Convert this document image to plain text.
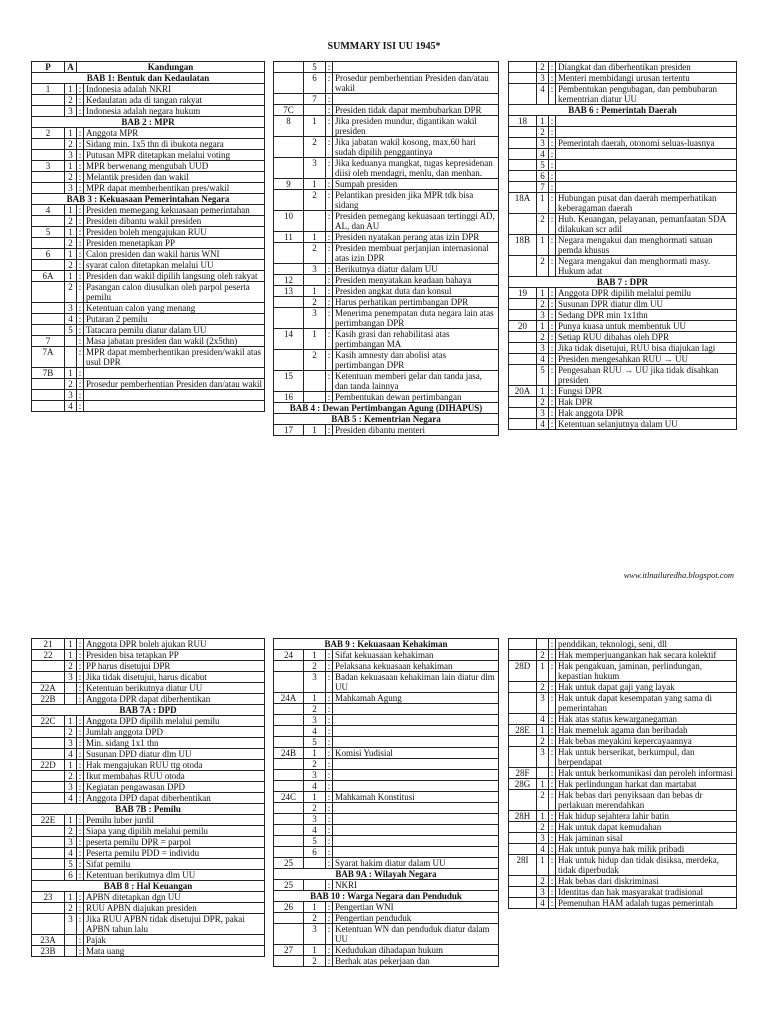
SUMMARY ISI UU 1945*
P	A	Kandungan	
BAB 1: Bentuk dan Kedaulatan			
1	1	:	Indonesia adalah NKRI
	2	:	Kedaulatan ada di tangan rakyat
	3	:	Indonesia adalah negara hukum
BAB 2 : MPR			
2	1	:	Anggota MPR
	2	:	Sidang min. 1x5 thn di ibukota negara
	3	:	Putusan MPR ditetapkan melalui voting
3	1	:	MPR berwenang mengubah UUD
	2	:	Melantik presiden dan wakil
	3	:	MPR dapat memberhentikan pres/wakil
BAB 3 : Kekuasaan Pemerintahan Negara			
4	1	:	Presiden memegang kekuasaan pemerintahan
	2	:	Presiden dibantu wakil presiden
5	1	:	Presiden boleh mengajukan RUU
	2	:	Presiden menetapkan PP
6	1	:	Calon presiden dan wakil harus WNI
	2	:	syarat calon ditetapkan melalui UU
6A	1	:	Presiden dan wakil dipilih langsung oleh rakyat
	2	:	Pasangan calon diusulkan oleh parpol peserta pemilu
	3	:	Ketentuan calon yang menang
	4	:	Putaran 2 pemilu
	5	:	Tatacara pemilu diatur dalam UU
7		:	Masa jabatan presiden dan wakil (2x5thn)
7A		:	MPR dapat memberhentikan presiden/wakil atas usul DPR
7B	1	:	
	2	:	Prosedur pemberhentian Presiden dan/atau wakil
	3	:	
	4	:	
	5	:	
	6	:	Prosedur pemberhentian Presiden dan/atau wakil
	7	:	
7C		:	Presiden tidak dapat membubarkan DPR
8	1	:	Jika presiden mundur, digantikan wakil presiden
	2	:	Jika jabatan wakil kosong, max.60 hari sudah dipilih penggantinya
	3	:	Jika keduanya mangkat, tugas kepresidenan diisi oleh mendagri, menlu, dan menhan.
9	1	:	Sumpah presiden
	2	:	Pelantikan presiden jika MPR tdk bisa sidang
10		:	Presiden pemegang kekuasaan tertinggi AD, AL, dan AU
11	1	:	Presiden nyatakan perang atas izin DPR
	2	:	Presiden membuat perjanjian internasional atas izin DPR
	3	:	Berikutnya diatur dalam UU
12		:	Presiden menyatakan keadaan bahaya
13	1	:	Presiden angkat duta dan konsul
	2	:	Harus perhatikan pertimbangan DPR
	3	:	Menerima penempatan duta negara lain atas pertimbangan DPR
14	1	:	Kasih grasi dan rehabilitasi atas pertimbangan MA
	2	:	Kasih amnesty dan abolisi atas pertimbangan DPR
15		:	Ketentuan memberi gelar dan tanda jasa, dan tanda lainnya
16		:	Pembentukan dewan pertimbangan
BAB 4 : Dewan Pertimbangan Agung (DIHAPUS)			
BAB 5 : Kementrian Negara			
17	1	:	Presiden dibantu menteri
	2	:	Diangkat dan diberhentikan presiden
	3	:	Menteri membidangi urusan tertentu
	4	:	Pembentukan pengubagan, dan pembubaran kementrian diatur UU
BAB 6 : Pemerintah Daerah			
18	1	:	
	2	:	
	3	:	Pemerintah daerah, otonomi seluas-luasnya
	4	:	
	5	:	
	6	:	
	7	:	
18A	1	:	Hubungan pusat dan daerah memperhatikan keberagaman daerah
	2	:	Hub. Keuangan, pelayanan, pemanfaatan SDA dilakukan scr adil
18B	1	:	Negara mengakui dan menghormati satuan pemda khusus
	2	:	Negara mengakui dan menghormati masy. Hukum adat
BAB 7 : DPR			
19	1	:	Anggota DPR dipilih melalui pemilu
	2	:	Susunan DPR diatur dlm UU
	3	:	Sedang DPR min 1x1thn
20	1	:	Punya kuasa untuk membentuk UU
	2	:	Setiap RUU dibahas oleh DPR
	3	:	Jika tidak disetujui, RUU bisa diajukan lagi
	4	:	Presiden mengesahkan RUU → UU
	5	:	Pengesahan RUU → UU jika tidak disahkan presiden
20A	1	:	Fungsi DPR
	2	:	Hak DPR
	3	:	Hak anggota DPR
	4	:	Ketentuan selanjutnya dalam UU
21	1	:	Anggota DPR boleh ajukan RUU
22	1	:	Presiden bisa tetapkan PP
	2	:	PP harus disetujui DPR
	3	:	Jika tidak disetujui, harus dicabut
22A		:	Ketentuan berikutnya diatur UU
22B		:	Anggota DPR dapat diberhentikan
BAB 7A : DPD			
22C	1	:	Anggota DPD dipilih melalui pemilu
	2	:	Jumlah anggota DPD
	3	:	Min. sidang 1x1 thn
	4	:	Susunan DPD diatur dlm UU
22D	1	:	Hak mengajukan RUU ttg otoda
	2	:	Ikut membahas RUU otoda
	3	:	Kegiatan pengawasan DPD
	4	:	Anggota DPD dapat diberhentikan
BAB 7B : Pemilu			
22E	1	:	Pemilu luber jurdil
	2	:	Siapa yang dipilih melalui pemilu
	3	:	peserta pemilu DPR = parpol
	4	:	Peserta pemilu PDD = individu
	5	:	Sifat pemilu
	6	:	Ketentuan berikutnya dlm UU
BAB 8 : Hal Keuangan			
23	1	:	APBN ditetapkan dgn UU
	2	:	RUU APBN diajukan presiden
	3	:	Jika RUU APBN tidak disetujui DPR, pakai APBN tahun lalu
23A		:	Pajak
23B		:	Mata uang
BAB 9 : Kekuasaan Kehakiman			
24	1	:	Sifat kekuasaan kehakiman
	2	:	Pelaksana kekuasaan kehakiman
	3	:	Badan kekuasaan kehakiman lain diatur dlm UU
24A	1	:	Mahkamah Agung
	2	:	
	3	:	
	4	:	
	5	:	
24B	1	:	Komisi Yudisial
	2	:	
	3	:	
	4	:	
24C	1	:	Mahkamah Konstitusi
	2	:	
	3	:	
	4	:	
	5	:	
	6	:	
25		:	Syarat hakim diatur dalam UU
BAB 9A : Wilayah Negara			
25		:	NKRI
BAB 10 : Warga Negara dan Penduduk			
26	1	:	Pengertian WNI
	2	:	Pengertian penduduk
	3	:	Ketentuan WN dan penduduk diatur dalam UU
27	1	:	Kedudukan dihadapan hukum
	2	:	Berhak atas pekerjaan dan
		:	penddikan, teknologi, seni, dll
	2	:	Hak memperjuangankan hak secara kolektif
28D	1	:	Hak pengakuan, jaminan, perlindungan, kepastian hukum
	2	:	Hak untuk dapat gaji yang layak
	3	:	Hak untuk dapat kesempatan yang sama di pemerintahan
	4	:	Hak atas status kewarganegaman
28E	1	:	Hak memeluk agama dan beribadah
	2	:	Hak bebas meyakini kepercayaannya
	3	:	Hak untuk berserikat, berkumpul, dan berpendapat
28F		:	Hak untuk berkomunikasi dan peroleh informasi
28G	1	:	Hak perlindungan harkat dan martabat
	2	:	Hak bebas dari penyiksaan dan bebas dr perlakuan merendahkan
28H	1	:	Hak hidup sejahtera lahir batin
	2	:	Hak untuk dapat kemudahan
	3	:	Hak jaminan sisal
	4	:	Hak untuk punya hak milik pribadi
28I	1	:	Hak untuk hidup dan tidak disiksa, merdeka, tidak diperbudak
	2	:	Hak bebas dari diskriminasi
	3	:	Identitas dan hak masyarakat tradisional
	4	:	Pemenuhan HAM adalah tugas pemerintah
www.itlnailuredha.blogspot.com
